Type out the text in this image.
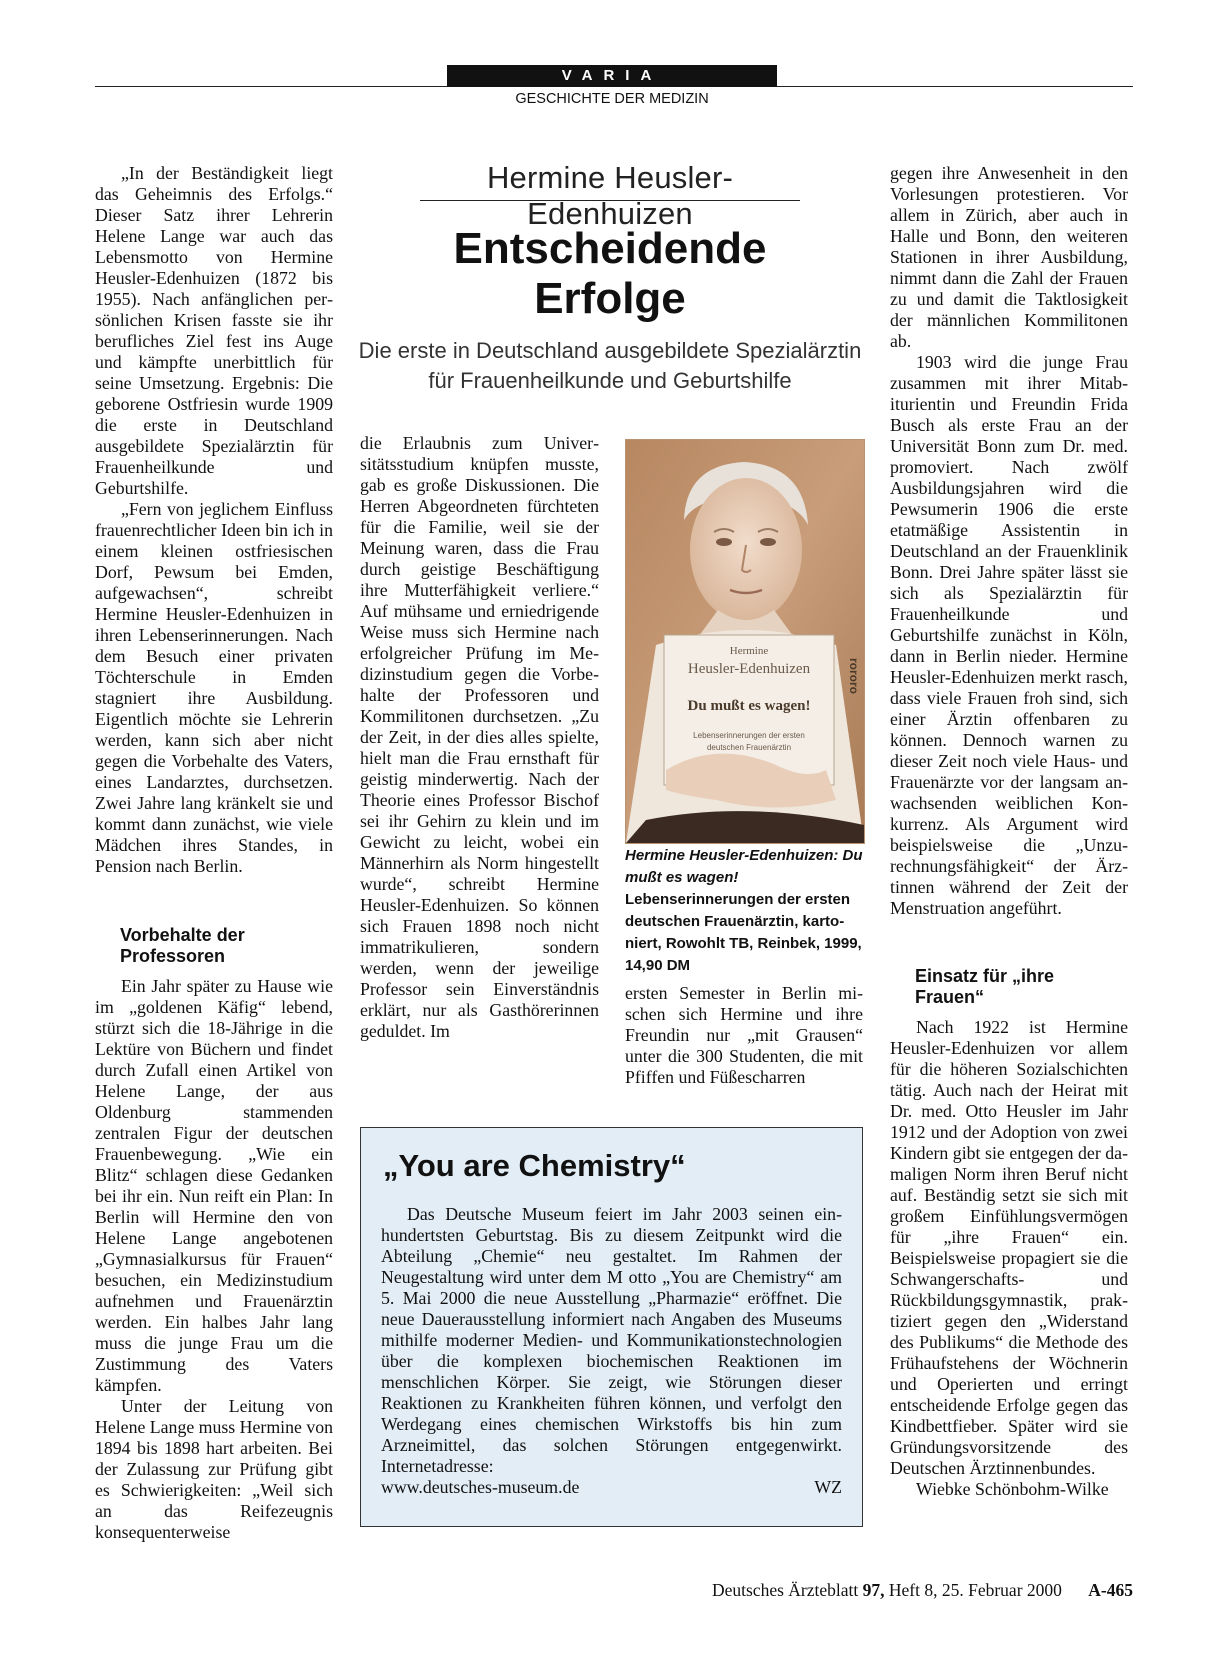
VARIA
GESCHICHTE DER MEDIZIN
Hermine Heusler-Edenhuizen
Entscheidende
Erfolge
Die erste in Deutschland ausgebildete Spezialärztin
für Frauenheilkunde und Geburtshilfe

„In der Beständigkeit liegt das Geheimnis des Erfolgs.“ Dieser Satz ihrer Lehrerin Helene Lange war auch das Lebensmotto von Hermine Heusler-Edenhuizen (1872 bis 1955). Nach anfänglichen persönlichen Krisen fasste sie ihr berufliches Ziel fest ins Auge und kämpfte unerbittlich für seine Umsetzung. Ergebnis: Die geborene Ostfriesin wurde 1909 die erste in Deutschland ausgebildete Spezialärztin für Frauenheilkunde und Geburtshilfe.

„Fern von jeglichem Einfluss frauenrechtlicher Ideen bin ich in einem kleinen ostfriesischen Dorf, Pewsum bei Emden, aufgewachsen“, schreibt Hermine Heusler-Edenhuizen in ihren Lebenserinnerungen. Nach dem Besuch einer privaten Töchterschule in Emden stagniert ihre Ausbildung. Eigentlich möchte sie Lehrerin werden, kann sich aber nicht gegen die Vorbehalte des Vaters, eines Landarztes, durchsetzen. Zwei Jahre lang kränkelt sie und kommt dann zunächst, wie viele Mädchen ihres Standes, in Pension nach Berlin.

Vorbehalte der Professoren

Ein Jahr später zu Hause wie im „goldenen Käfig“ lebend, stürzt sich die 18-Jährige in die Lektüre von Büchern und findet durch Zufall einen Artikel von Helene Lange, der aus Oldenburg stammenden zentralen Figur der deutschen Frauenbewegung. „Wie ein Blitz“ schlagen diese Gedanken bei ihr ein. Nun reift ein Plan: In Berlin will Hermine den von Helene Lange angebotenen „Gymnasialkursus für Frauen“ besuchen, ein Medizinstudium aufnehmen und Frauenärztin werden. Ein halbes Jahr lang muss die junge Frau um die Zustimmung des Vaters kämpfen.

Unter der Leitung von Helene Lange muss Hermine von 1894 bis 1898 hart arbeiten. Bei der Zulassung zur Prüfung gibt es Schwierigkeiten: „Weil sich an das Reifezeugnis konsequenterweise

die Erlaubnis zum Universitätsstudium knüpfen musste, gab es große Diskussionen. Die Herren Abgeordneten fürchteten für die Familie, weil sie der Meinung waren, dass die Frau durch geistige Beschäftigung ihre Mutterfähigkeit verliere.“ Auf mühsame und erniedrigende Weise muss sich Hermine nach erfolgreicher Prüfung im Medizinstudium gegen die Vorbehalte der Professoren und Kommilitonen durchsetzen. „Zu der Zeit, in der dies alles spielte, hielt man die Frau ernsthaft für geistig minderwertig. Nach der Theorie eines Professor Bischof sei ihr Gehirn zu klein und im Gewicht zu leicht, wobei ein Männerhirn als Norm hingestellt wurde“, schreibt Hermine Heusler-Edenhuizen. So können sich Frauen 1898 noch nicht immatrikulieren, sondern werden, wenn der jeweilige Professor sein Einverständnis erklärt, nur als Gasthörerinnen geduldet. Im

Hermine
Heusler-Edenhuizen
Du mußt es wagen!
Lebenserinnerungen der ersten
deutschen Frauenärztin
rororo
Hermine Heusler-Edenhuizen: Du mußt es wagen! Lebenserinnerungen der ersten deutschen Frauenärztin, kartoniert, Rowohlt TB, Reinbek, 1999, 14,90 DM

ersten Semester in Berlin mischen sich Hermine und ihre Freundin nur „mit Grausen“ unter die 300 Studenten, die mit Pfiffen und Füßescharren

gegen ihre Anwesenheit in den Vorlesungen protestieren. Vor allem in Zürich, aber auch in Halle und Bonn, den weiteren Stationen in ihrer Ausbildung, nimmt dann die Zahl der Frauen zu und damit die Taktlosigkeit der männlichen Kommilitonen ab.

1903 wird die junge Frau zusammen mit ihrer Mitabiturientin und Freundin Frida Busch als erste Frau an der Universität Bonn zum Dr. med. promoviert. Nach zwölf Ausbildungsjahren wird die Pewsumerin 1906 die erste etatmäßige Assistentin in Deutschland an der Frauenklinik Bonn. Drei Jahre später lässt sie sich als Spezialärztin für Frauenheilkunde und Geburtshilfe zunächst in Köln, dann in Berlin nieder. Hermine Heusler-Edenhuizen merkt rasch, dass viele Frauen froh sind, sich einer Ärztin offenbaren zu können. Dennoch warnen zu dieser Zeit noch viele Haus- und Frauenärzte vor der langsam anwachsenden weiblichen Konkurrenz. Als Argument wird beispielsweise die „Unzurechnungsfähigkeit“ der Ärztinnen während der Zeit der Menstruation angeführt.

Einsatz für „ihre Frauen“

Nach 1922 ist Hermine Heusler-Edenhuizen vor allem für die höheren Sozialschichten tätig. Auch nach der Heirat mit Dr. med. Otto Heusler im Jahr 1912 und der Adoption von zwei Kindern gibt sie entgegen der damaligen Norm ihren Beruf nicht auf. Beständig setzt sie sich mit großem Einfühlungsvermögen für „ihre Frauen“ ein. Beispielsweise propagiert sie die Schwangerschafts- und Rückbildungsgymnastik, praktiziert gegen den „Widerstand des Publikums“ die Methode des Frühaufstehens der Wöchnerin und Operierten und erringt entscheidende Erfolge gegen das Kindbettfieber. Später wird sie Gründungsvorsitzende des Deutschen Ärztinnenbundes.

Wiebke Schönbohm-Wilke

„You are Chemistry“

Das Deutsche Museum feiert im Jahr 2003 seinen einhundertsten Geburtstag. Bis zu diesem Zeitpunkt wird die Abteilung „Chemie“ neu gestaltet. Im Rahmen der Neugestaltung wird unter dem M otto „You are Chemistry“ am 5. Mai 2000 die neue Ausstellung „Pharmazie“ eröffnet. Die neue Dauerausstellung informiert nach Angaben des Museums mithilfe moderner Medien- und Kommunikationstechnologien über die komplexen biochemischen Reaktionen im menschlichen Körper. Sie zeigt, wie Störungen dieser Reaktionen zu Krankheiten führen können, und verfolgt den Werdegang eines chemischen Wirkstoffs bis hin zum Arzneimittel, das solchen Störungen entgegenwirkt. Internetadresse:

www.deutsches-museum.de	WZ
Deutsches Ärzteblatt 97, Heft 8, 25. Februar 2000 A-465
